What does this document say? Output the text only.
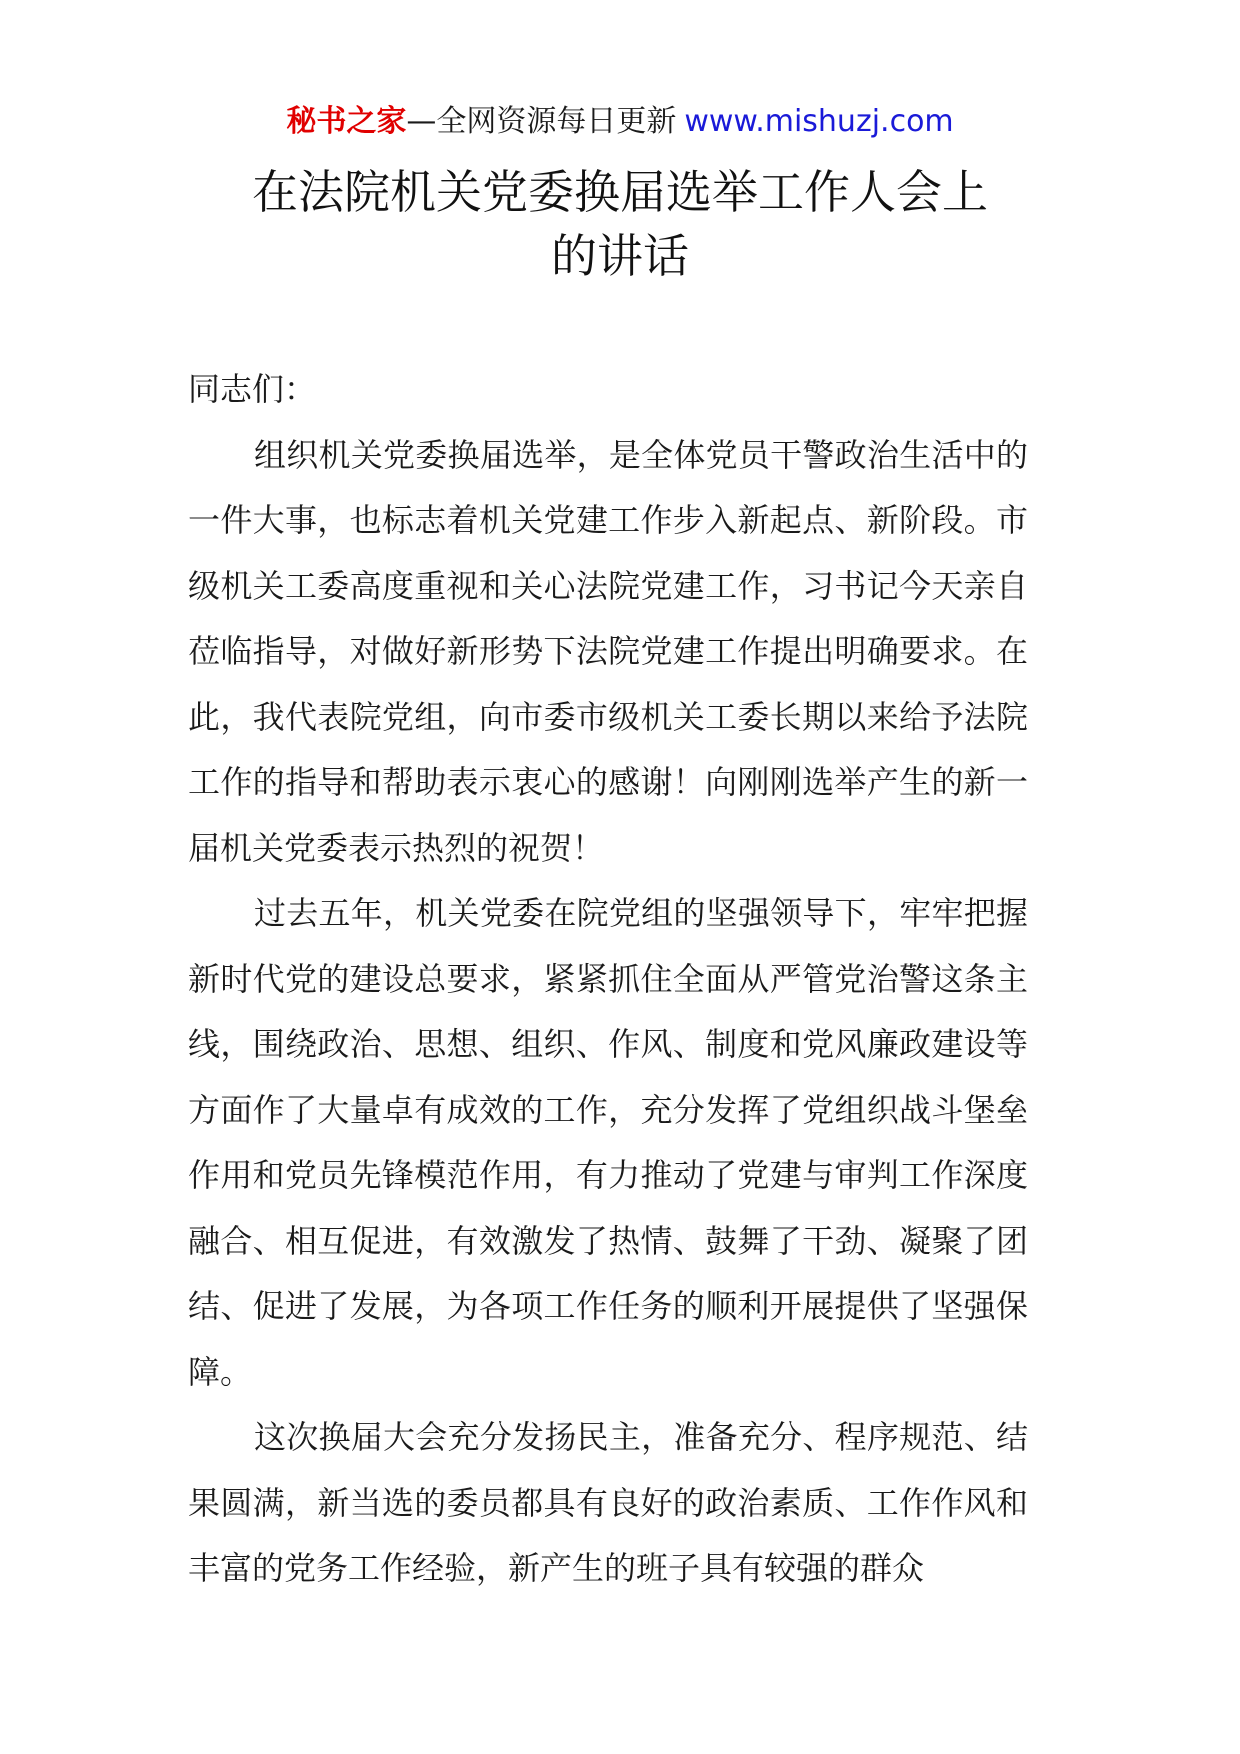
秘书之家—全网资源每日更新 www.mishuzj.com
在法院机关党委换届选举工作人会上
的讲话

同志们：

组织机关党委换届选举，是全体党员干警政治生活中的一件大事，也标志着机关党建工作步入新起点、新阶段。市级机关工委高度重视和关心法院党建工作，习书记今天亲自莅临指导，对做好新形势下法院党建工作提出明确要求。在此，我代表院党组，向市委市级机关工委长期以来给予法院工作的指导和帮助表示衷心的感谢！向刚刚选举产生的新一届机关党委表示热烈的祝贺！

过去五年，机关党委在院党组的坚强领导下，牢牢把握新时代党的建设总要求，紧紧抓住全面从严管党治警这条主线，围绕政治、思想、组织、作风、制度和党风廉政建设等方面作了大量卓有成效的工作，充分发挥了党组织战斗堡垒作用和党员先锋模范作用，有力推动了党建与审判工作深度融合、相互促进，有效激发了热情、鼓舞了干劲、凝聚了团结、促进了发展，为各项工作任务的顺利开展提供了坚强保障。

这次换届大会充分发扬民主，准备充分、程序规范、结果圆满，新当选的委员都具有良好的政治素质、工作作风和丰富的党务工作经验，新产生的班子具有较强的群众
